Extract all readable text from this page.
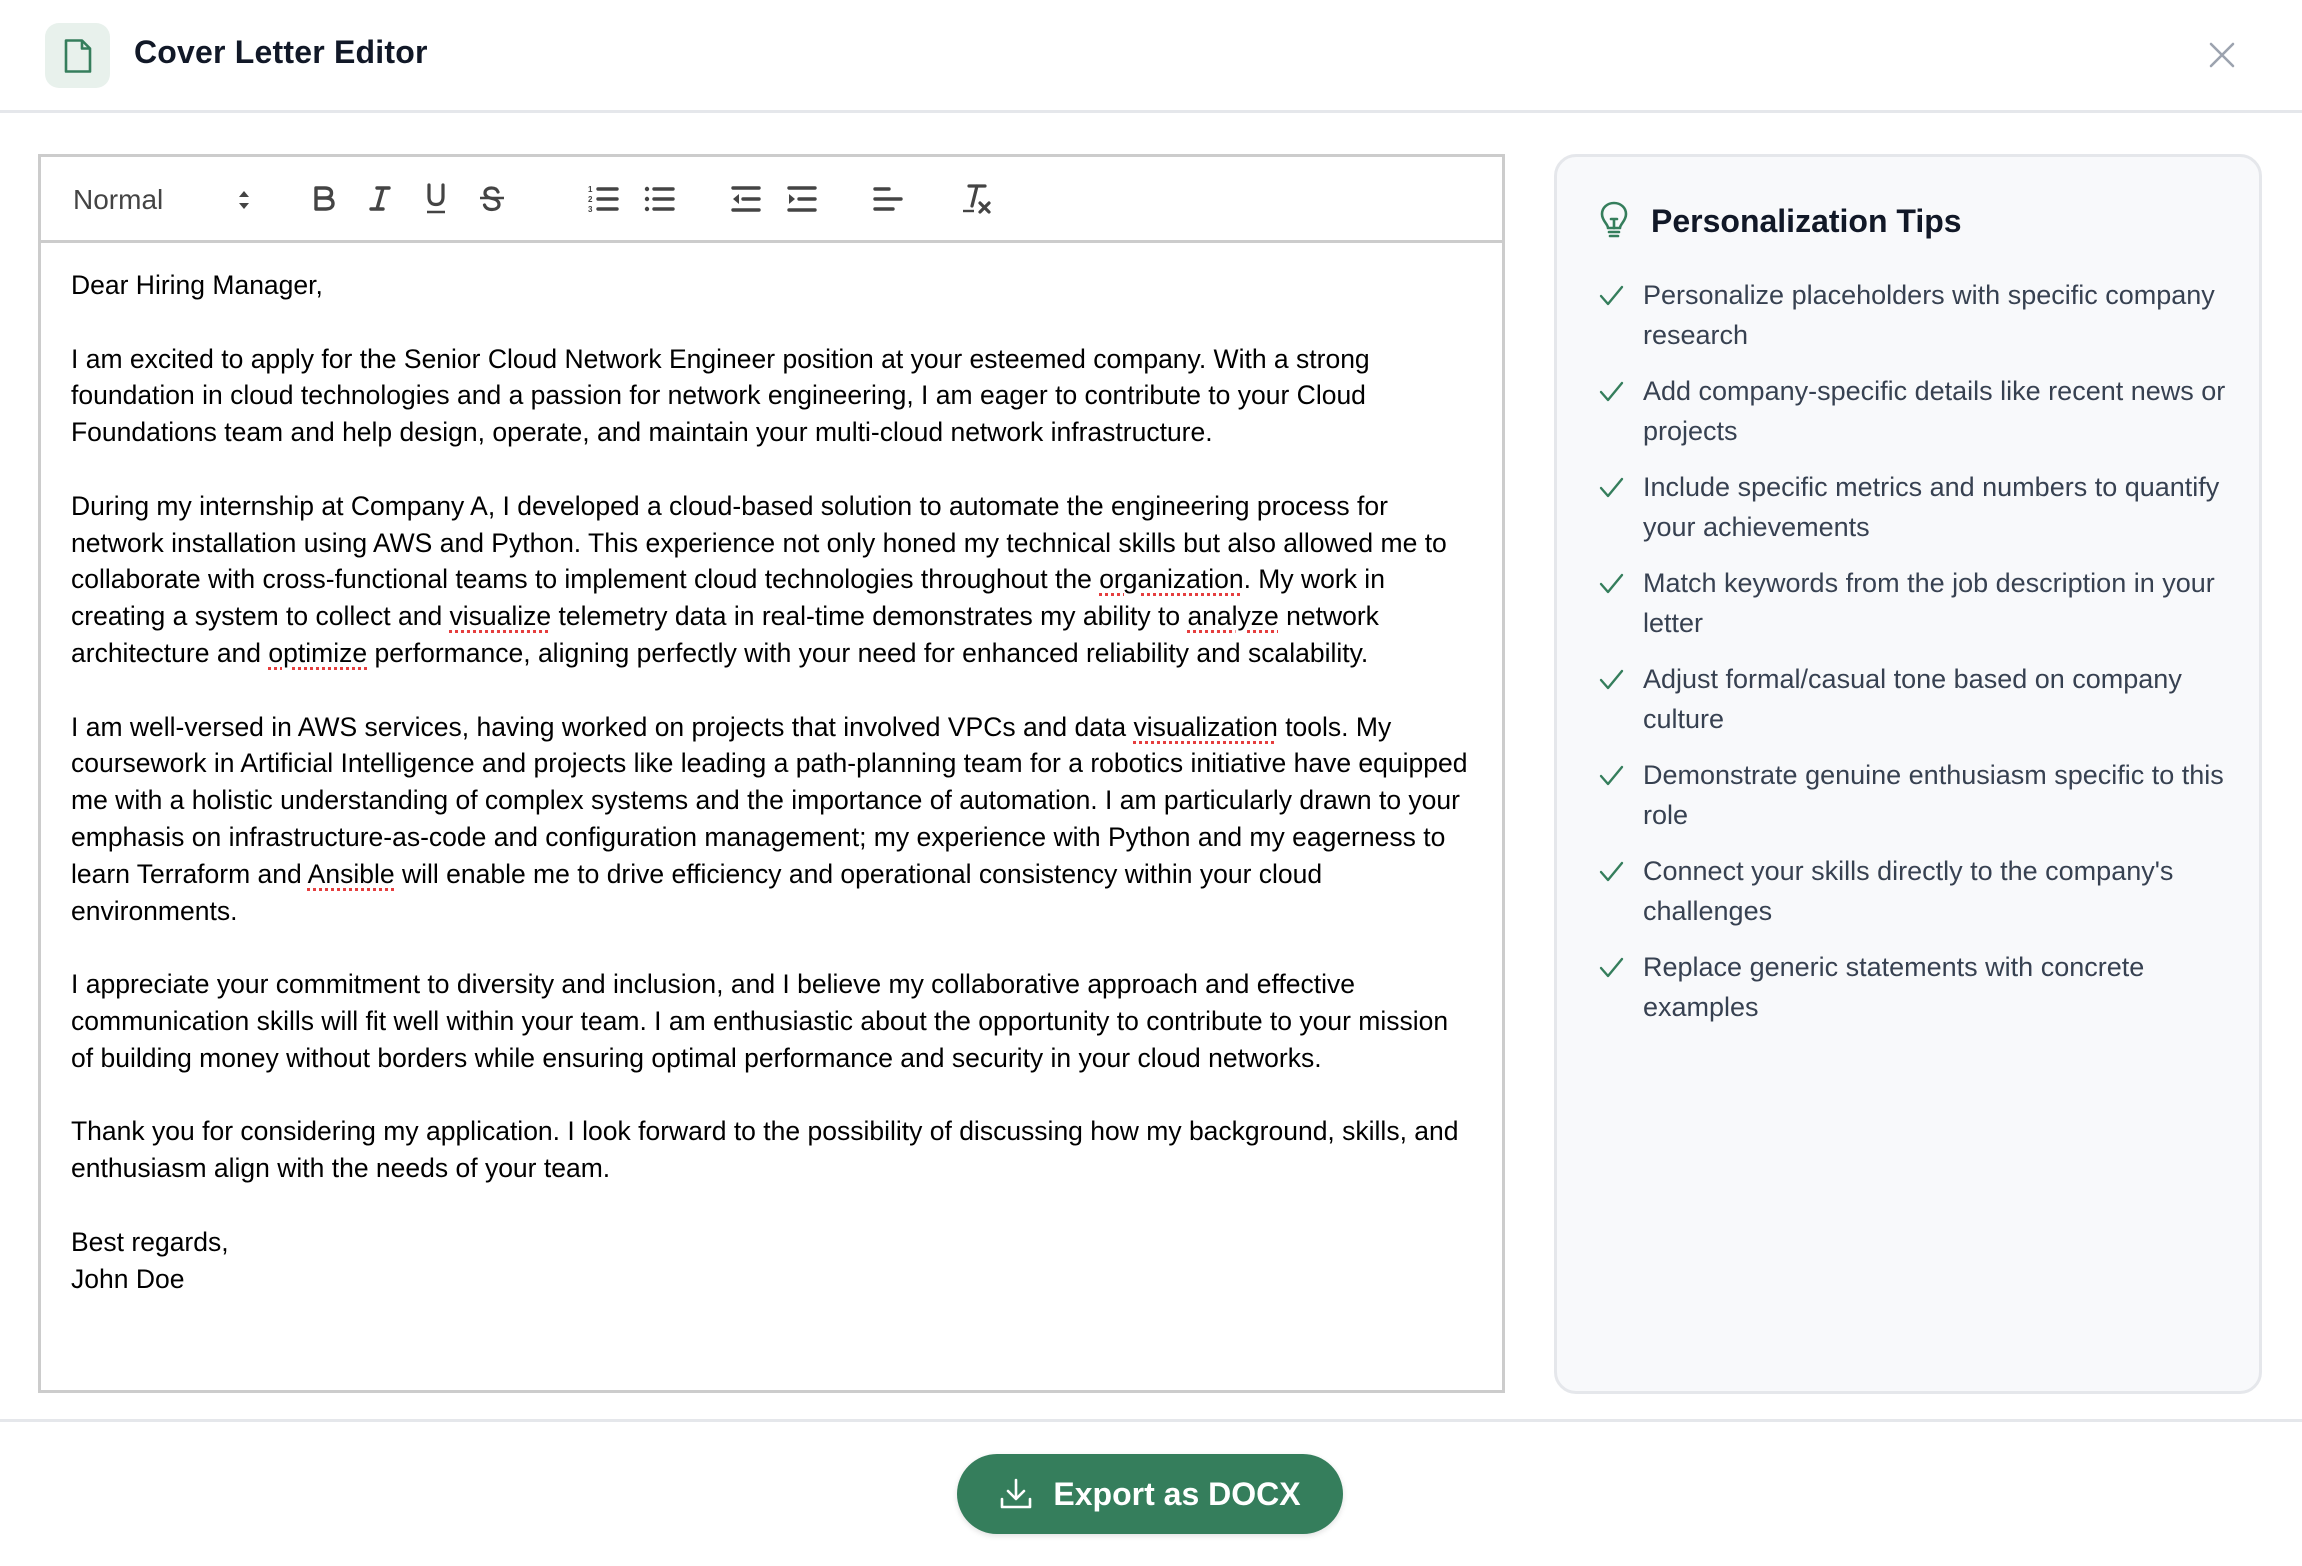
Cover Letter Editor
Normal	1
2
3

Dear Hiring Manager,

I am excited to apply for the Senior Cloud Network Engineer position at your esteemed company. With a strong foundation in cloud technologies and a passion for network engineering, I am eager to contribute to your Cloud Foundations team and help design, operate, and maintain your multi-cloud network infrastructure.

During my internship at Company A, I developed a cloud-based solution to automate the engineering process for network installation using AWS and Python. This experience not only honed my technical skills but also allowed me to collaborate with cross-functional teams to implement cloud technologies throughout the organization. My work in creating a system to collect and visualize telemetry data in real-time demonstrates my ability to analyze network architecture and optimize performance, aligning perfectly with your need for enhanced reliability and scalability.

I am well-versed in AWS services, having worked on projects that involved VPCs and data visualization tools. My coursework in Artificial Intelligence and projects like leading a path-planning team for a robotics initiative have equipped me with a holistic understanding of complex systems and the importance of automation. I am particularly drawn to your emphasis on infrastructure-as-code and configuration management; my experience with Python and my eagerness to learn Terraform and Ansible will enable me to drive efficiency and operational consistency within your cloud environments.

I appreciate your commitment to diversity and inclusion, and I believe my collaborative approach and effective communication skills will fit well within your team. I am enthusiastic about the opportunity to contribute to your mission of building money without borders while ensuring optimal performance and security in your cloud networks.

Thank you for considering my application. I look forward to the possibility of discussing how my background, skills, and enthusiasm align with the needs of your team.

Best regards,

John Doe

Personalization Tips
Personalize placeholders with specific company research
Add company-specific details like recent news or projects
Include specific metrics and numbers to quantify your achievements
Match keywords from the job description in your letter
Adjust formal/casual tone based on company culture
Demonstrate genuine enthusiasm specific to this role
Connect your skills directly to the company's challenges
Replace generic statements with concrete examples
Export as DOCX
